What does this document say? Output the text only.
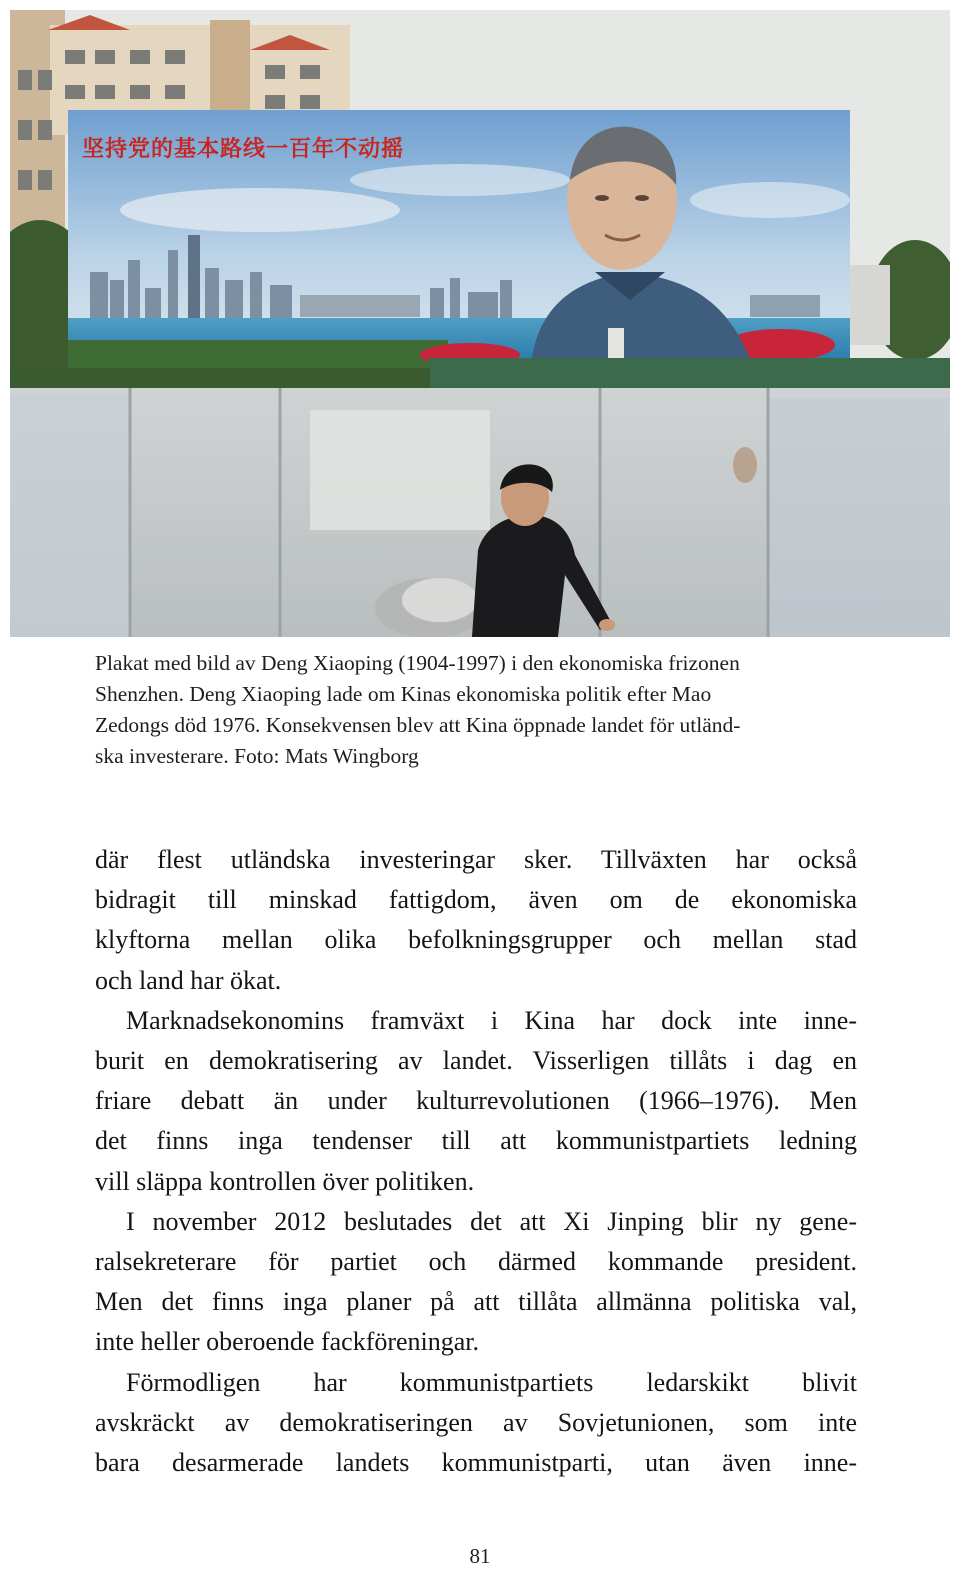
坚持党的基本路线一百年不动摇
Plakat med bild av Deng Xiaoping (1904-1997) i den ekonomiska frizonen
Shenzhen. Deng Xiaoping lade om Kinas ekonomiska politik efter Mao
Zedongs död 1976. Konsekvensen blev att Kina öppnade landet för utländ-
ska investerare. Foto: Mats Wingborg
där flest utländska investeringar sker. Tillväxten har också
bidragit till minskad fattigdom, även om de ekonomiska
klyftorna mellan olika befolkningsgrupper och mellan stad
och land har ökat.
Marknadsekonomins framväxt i Kina har dock inte inne-
burit en demokratisering av landet. Visserligen tillåts i dag en
friare debatt än under kulturrevolutionen (1966–1976). Men
det finns inga tendenser till att kommunistpartiets ledning
vill släppa kontrollen över politiken.
I november 2012 beslutades det att Xi Jinping blir ny gene-
ralsekreterare för partiet och därmed kommande president.
Men det finns inga planer på att tillåta allmänna politiska val,
inte heller oberoende fackföreningar.
Förmodligen har kommunistpartiets ledarskikt blivit
avskräckt av demokratiseringen av Sovjetunionen, som inte
bara desarmerade landets kommunistparti, utan även inne-
81
